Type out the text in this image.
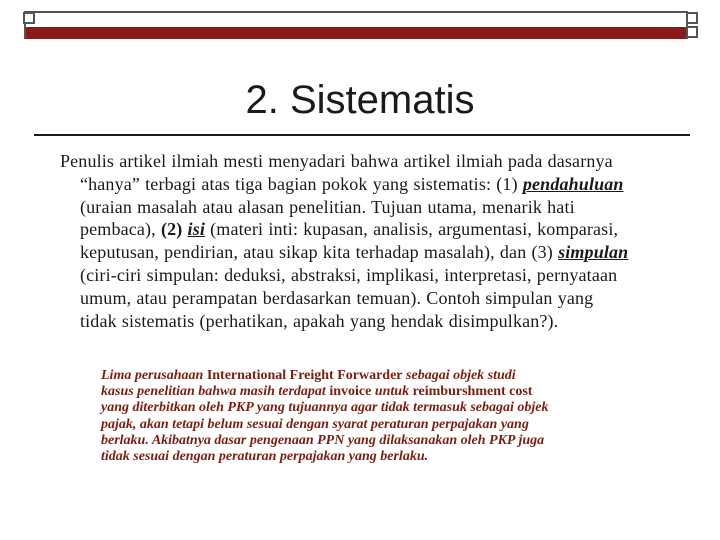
2. Sistematis
Penulis artikel ilmiah mesti menyadari bahwa artikel ilmiah pada dasarnya
“hanya” terbagi atas tiga bagian pokok yang sistematis: (1) pendahuluan
(uraian masalah atau alasan penelitian. Tujuan utama, menarik hati
pembaca), (2) isi (materi inti: kupasan, analisis, argumentasi, komparasi,
keputusan, pendirian, atau sikap kita terhadap masalah), dan (3) simpulan
(ciri-ciri simpulan: deduksi, abstraksi, implikasi, interpretasi, pernyataan
umum, atau perampatan berdasarkan temuan). Contoh simpulan yang
tidak sistematis (perhatikan, apakah yang hendak disimpulkan?).
Lima perusahaan International Freight Forwarder sebagai objek studi
kasus penelitian bahwa masih terdapat invoice untuk reimburshment cost
yang diterbitkan oleh PKP yang tujuannya agar tidak termasuk sebagai objek
pajak, akan tetapi belum sesuai dengan syarat peraturan perpajakan yang
berlaku. Akibatnya dasar pengenaan PPN yang dilaksanakan oleh PKP juga
tidak sesuai dengan peraturan perpajakan yang berlaku.
